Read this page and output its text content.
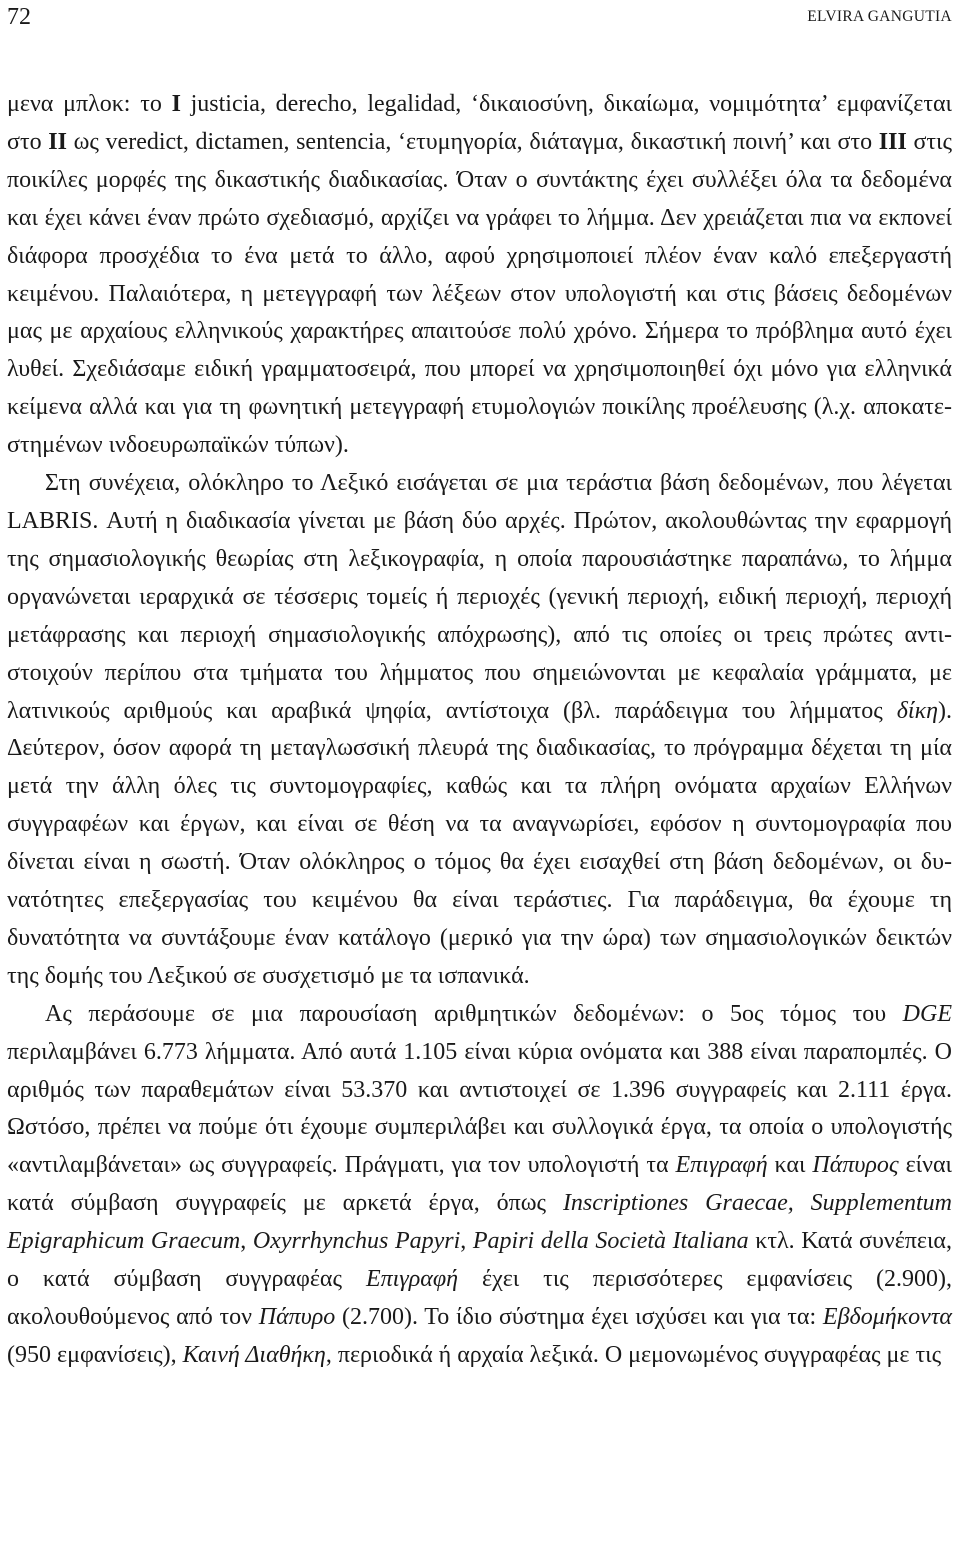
72	ELVIRA GANGUTIA

μενα μπλοκ: το I justicia, derecho, legalidad, ‘δικαιοσύνη, δικαίωμα, νομιμότητα’ εμφανίζεται στο II ως veredict, dictamen, sentencia, ‘ετυμηγορία, διάταγμα, δικαστική ποινή’ και στο III στις ποικίλες μορφές της δικαστικής διαδικασίας. Όταν ο συντάκτης έχει συλλέξει όλα τα δεδομένα και έχει κάνει έναν πρώτο σχεδιασμό, αρχίζει να γράφει το λήμμα. Δεν χρειάζεται πια να εκπονεί διάφορα προσχέδια το ένα μετά το άλλο, αφού χρησιμοποιεί πλέον έναν καλό επεξεργαστή κειμένου. Παλαιότερα, η μετεγγραφή των λέξεων στον υπολογιστή και στις βάσεις δεδομένων μας με αρχαίους ελληνικούς χαρακτήρες απαιτούσε πολύ χρόνο. Σήμερα το πρόβλημα αυτό έχει λυθεί. Σχεδιάσαμε ειδική γραμματοσειρά, που μπορεί να χρησιμοποιηθεί όχι μόνο για ελληνικά κείμενα αλλά και για τη φωνητική μετεγγραφή ετυμολογιών ποικίλης προέλευσης (λ.χ. αποκατεστημένων ινδοευρωπαϊκών τύπων).

Στη συνέχεια, ολόκληρο το Λεξικό εισάγεται σε μια τεράστια βάση δεδομένων, που λέγεται LABRIS. Αυτή η διαδικασία γίνεται με βάση δύο αρχές. Πρώτον, ακολουθώντας την εφαρμογή της σημασιολογικής θεωρίας στη λεξικογραφία, η οποία παρουσιάστηκε παραπάνω, το λήμμα οργανώνεται ιεραρχικά σε τέσσερις τομείς ή περιοχές (γενική περιοχή, ειδική περιοχή, περιοχή μετάφρασης και περιοχή σημασιολογικής απόχρωσης), από τις οποίες οι τρεις πρώτες αντιστοιχούν περίπου στα τμήματα του λήμματος που σημειώνονται με κεφαλαία γράμματα, με λατινικούς αριθμούς και αραβικά ψηφία, αντίστοιχα (βλ. παράδειγμα του λήμματος δίκη). Δεύτερον, όσον αφορά τη μεταγλωσσική πλευρά της διαδικασίας, το πρόγραμμα δέχεται τη μία μετά την άλλη όλες τις συντομογραφίες, καθώς και τα πλήρη ονόματα αρχαίων Ελλήνων συγγραφέων και έργων, και είναι σε θέση να τα αναγνωρίσει, εφόσον η συντομογραφία που δίνεται είναι η σωστή. Όταν ολόκληρος ο τόμος θα έχει εισαχθεί στη βάση δεδομένων, οι δυνατότητες επεξεργασίας του κειμένου θα είναι τεράστιες. Για παράδειγμα, θα έχουμε τη δυνατότητα να συντάξουμε έναν κατάλογο (μερικό για την ώρα) των σημασιολογικών δεικτών της δομής του Λεξικού σε συσχετισμό με τα ισπανικά.

Ας περάσουμε σε μια παρουσίαση αριθμητικών δεδομένων: ο 5ος τόμος του DGE περιλαμβάνει 6.773 λήμματα. Από αυτά 1.105 είναι κύρια ονόματα και 388 είναι παραπομπές. Ο αριθμός των παραθεμάτων είναι 53.370 και αντιστοιχεί σε 1.396 συγγραφείς και 2.111 έργα. Ωστόσο, πρέπει να πούμε ότι έχουμε συμπεριλάβει και συλλογικά έργα, τα οποία ο υπολογιστής «αντιλαμβάνεται» ως συγγραφείς. Πράγματι, για τον υπολογιστή τα Επιγραφή και Πάπυρος είναι κατά σύμβαση συγγραφείς με αρκετά έργα, όπως Inscriptiones Graecae, Supplementum Epigraphicum Graecum, Oxyrrhynchus Papyri, Papiri della Società Italiana κτλ. Κατά συνέπεια, ο κατά σύμβαση συγγραφέας Επιγραφή έχει τις περισσότερες εμφανίσεις (2.900), ακολουθούμενος από τον Πάπυρο (2.700). Το ίδιο σύστημα έχει ισχύσει και για τα: Εβδομήκοντα (950 εμφανίσεις), Καινή Διαθήκη, περιοδικά ή αρχαία λεξικά. Ο μεμονωμένος συγγραφέας με τις
